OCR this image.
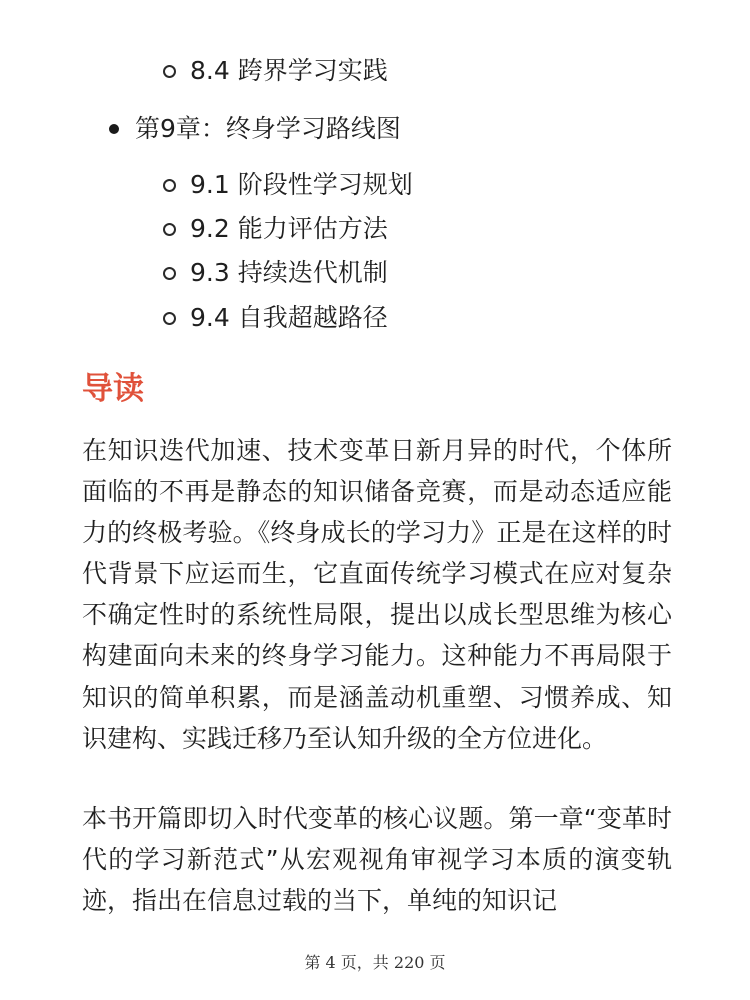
8.4 跨界学习实践
第9章：终身学习路线图
9.1 阶段性学习规划
9.2 能力评估方法
9.3 持续迭代机制
9.4 自我超越路径
导读

在知识迭代加速、技术变革日新月异的时代，个体所面临的不再是静态的知识储备竞赛，而是动态适应能力的终极考验。《终身成长的学习力》正是在这样的时代背景下应运而生，它直面传统学习模式在应对复杂不确定性时的系统性局限，提出以成长型思维为核心构建面向未来的终身学习能力。这种能力不再局限于知识的简单积累，而是涵盖动机重塑、习惯养成、知识建构、实践迁移乃至认知升级的全方位进化。

本书开篇即切入时代变革的核心议题。第一章“变革时代的学习新范式”从宏观视角审视学习本质的演变轨迹，指出在信息过载的当下，单纯的知识记

第 4 页，共 220 页
